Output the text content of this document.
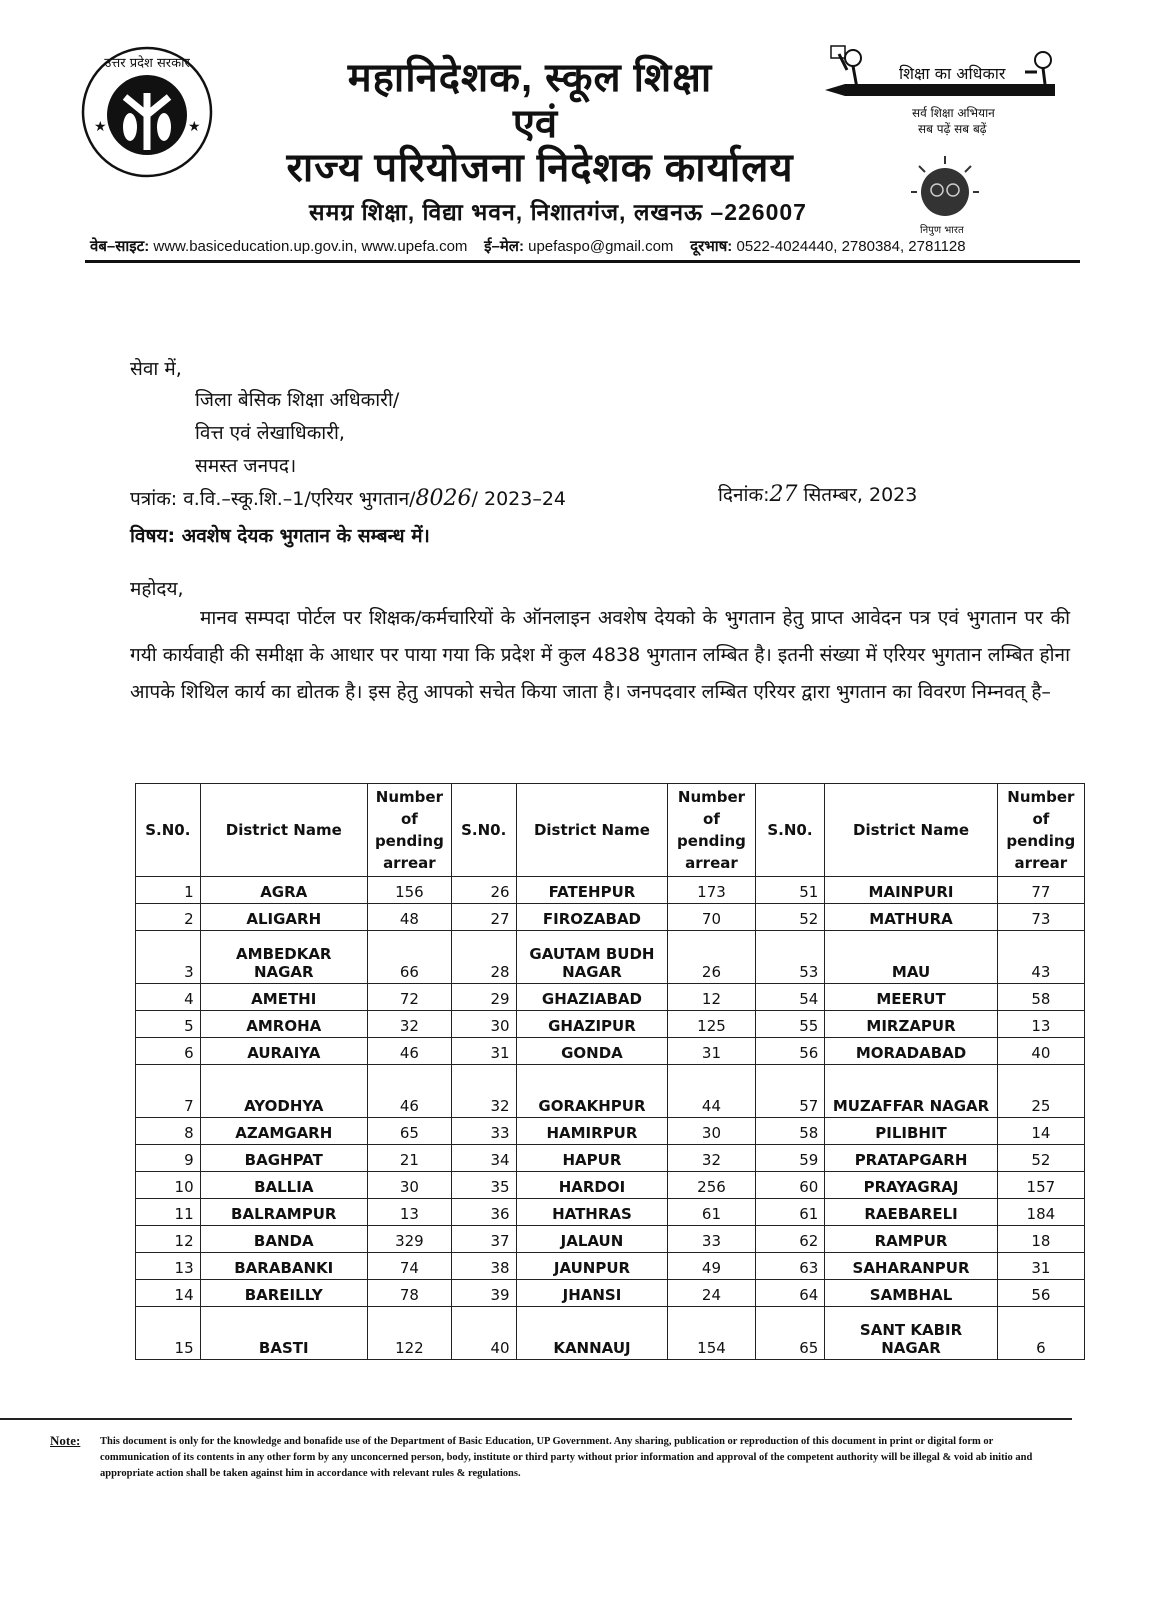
उत्तर प्रदेश सरकार
★	★
महानिदेशक, स्कूल शिक्षा
एवं
राज्य परियोजना निदेशक कार्यालय
समग्र शिक्षा, विद्या भवन, निशातगंज, लखनऊ –226007
शिक्षा का अधिकार
सर्व शिक्षा अभियान
सब पढ़ें सब बढ़ें
निपुण भारत
वेब–साइट: www.basiceducation.up.gov.in, www.upefa.com ई–मेल: upefaspo@gmail.com दूरभाष: 0522-4024440, 2780384, 2781128
सेवा में,
जिला बेसिक शिक्षा अधिकारी/
वित्त एवं लेखाधिकारी,
समस्त जनपद।
पत्रांक: व.वि.–स्कू.शि.–1/एरियर भुगतान/8026/ 2023–24	दिनांक:27 सितम्बर, 2023
विषय: अवशेष देयक भुगतान के सम्बन्ध में।
महोदय,
मानव सम्पदा पोर्टल पर शिक्षक/कर्मचारियों के ऑनलाइन अवशेष देयको के भुगतान हेतु प्राप्त आवेदन पत्र एवं भुगतान पर की गयी कार्यवाही की समीक्षा के आधार पर पाया गया कि प्रदेश में कुल 4838 भुगतान लम्बित है। इतनी संख्या में एरियर भुगतान लम्बित होना आपके शिथिल कार्य का द्योतक है। इस हेतु आपको सचेत किया जाता है। जनपदवार लम्बित एरियर द्वारा भुगतान का विवरण निम्नवत् है–
S.N0.	District Name	Number of pending arrear	S.N0.	District Name	Number of pending arrear	S.N0.	District Name	Number of pending arrear
1	AGRA	156	26	FATEHPUR	173	51	MAINPURI	77
2	ALIGARH	48	27	FIROZABAD	70	52	MATHURA	73
3	AMBEDKAR NAGAR	66	28	GAUTAM BUDH NAGAR	26	53	MAU	43
4	AMETHI	72	29	GHAZIABAD	12	54	MEERUT	58
5	AMROHA	32	30	GHAZIPUR	125	55	MIRZAPUR	13
6	AURAIYA	46	31	GONDA	31	56	MORADABAD	40
7	AYODHYA	46	32	GORAKHPUR	44	57	MUZAFFAR NAGAR	25
8	AZAMGARH	65	33	HAMIRPUR	30	58	PILIBHIT	14
9	BAGHPAT	21	34	HAPUR	32	59	PRATAPGARH	52
10	BALLIA	30	35	HARDOI	256	60	PRAYAGRAJ	157
11	BALRAMPUR	13	36	HATHRAS	61	61	RAEBARELI	184
12	BANDA	329	37	JALAUN	33	62	RAMPUR	18
13	BARABANKI	74	38	JAUNPUR	49	63	SAHARANPUR	31
14	BAREILLY	78	39	JHANSI	24	64	SAMBHAL	56
15	BASTI	122	40	KANNAUJ	154	65	SANT KABIR NAGAR	6
Note: This document is only for the knowledge and bonafide use of the Department of Basic Education, UP Government. Any sharing, publication or reproduction of this document in print or digital form or communication of its contents in any other form by any unconcerned person, body, institute or third party without prior information and approval of the competent authority will be illegal & void ab initio and appropriate action shall be taken against him in accordance with relevant rules & regulations.
